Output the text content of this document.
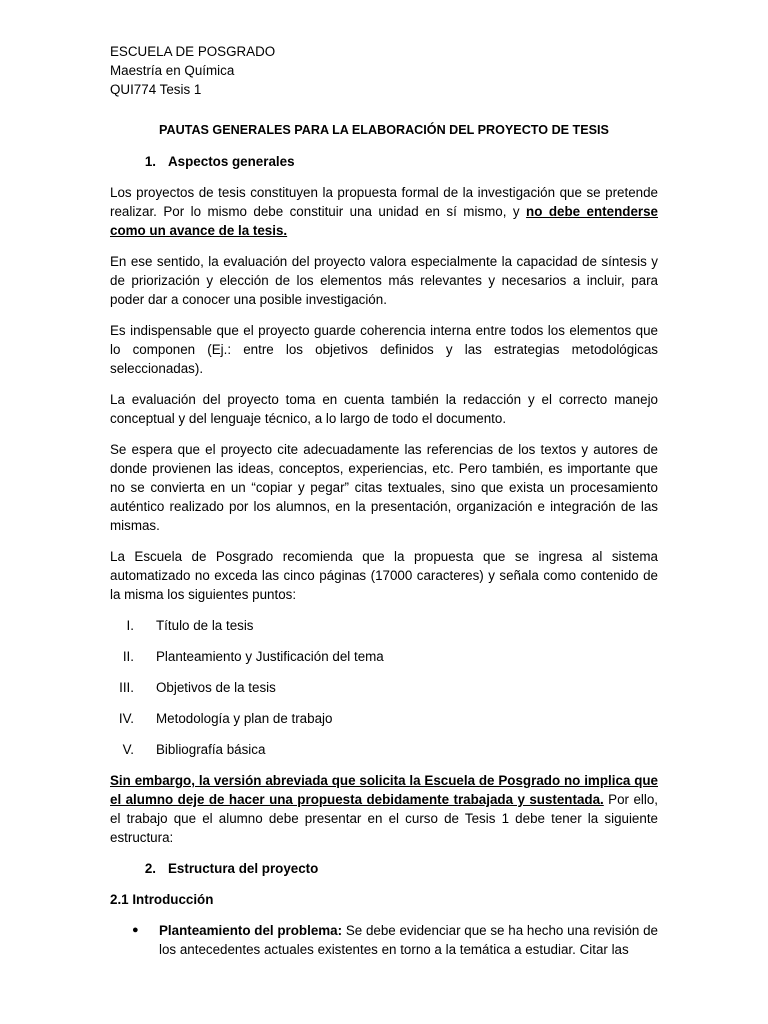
ESCUELA DE POSGRADO

Maestría en Química

QUI774 Tesis 1

PAUTAS GENERALES PARA LA ELABORACIÓN DEL PROYECTO DE TESIS

1. Aspectos generales

Los proyectos de tesis constituyen la propuesta formal de la investigación que se pretende realizar. Por lo mismo debe constituir una unidad en sí mismo, y no debe entenderse como un avance de la tesis.

En ese sentido, la evaluación del proyecto valora especialmente la capacidad de síntesis y de priorización y elección de los elementos más relevantes y necesarios a incluir, para poder dar a conocer una posible investigación.

Es indispensable que el proyecto guarde coherencia interna entre todos los elementos que lo componen (Ej.: entre los objetivos definidos y las estrategias metodológicas seleccionadas).

La evaluación del proyecto toma en cuenta también la redacción y el correcto manejo conceptual y del lenguaje técnico, a lo largo de todo el documento.

Se espera que el proyecto cite adecuadamente las referencias de los textos y autores de donde provienen las ideas, conceptos, experiencias, etc. Pero también, es importante que no se convierta en un “copiar y pegar” citas textuales, sino que exista un procesamiento auténtico realizado por los alumnos, en la presentación, organización e integración de las mismas.

La Escuela de Posgrado recomienda que la propuesta que se ingresa al sistema automatizado no exceda las cinco páginas (17000 caracteres) y señala como contenido de la misma los siguientes puntos:

I.	Título de la tesis
II.	Planteamiento y Justificación del tema
III.	Objetivos de la tesis
IV.	Metodología y plan de trabajo
V.	Bibliografía básica

Sin embargo, la versión abreviada que solicita la Escuela de Posgrado no implica que el alumno deje de hacer una propuesta debidamente trabajada y sustentada. Por ello, el trabajo que el alumno debe presentar en el curso de Tesis 1 debe tener la siguiente estructura:

2. Estructura del proyecto

2.1 Introducción

●	Planteamiento del problema: Se debe evidenciar que se ha hecho una revisión de los antecedentes actuales existentes en torno a la temática a estudiar. Citar las
